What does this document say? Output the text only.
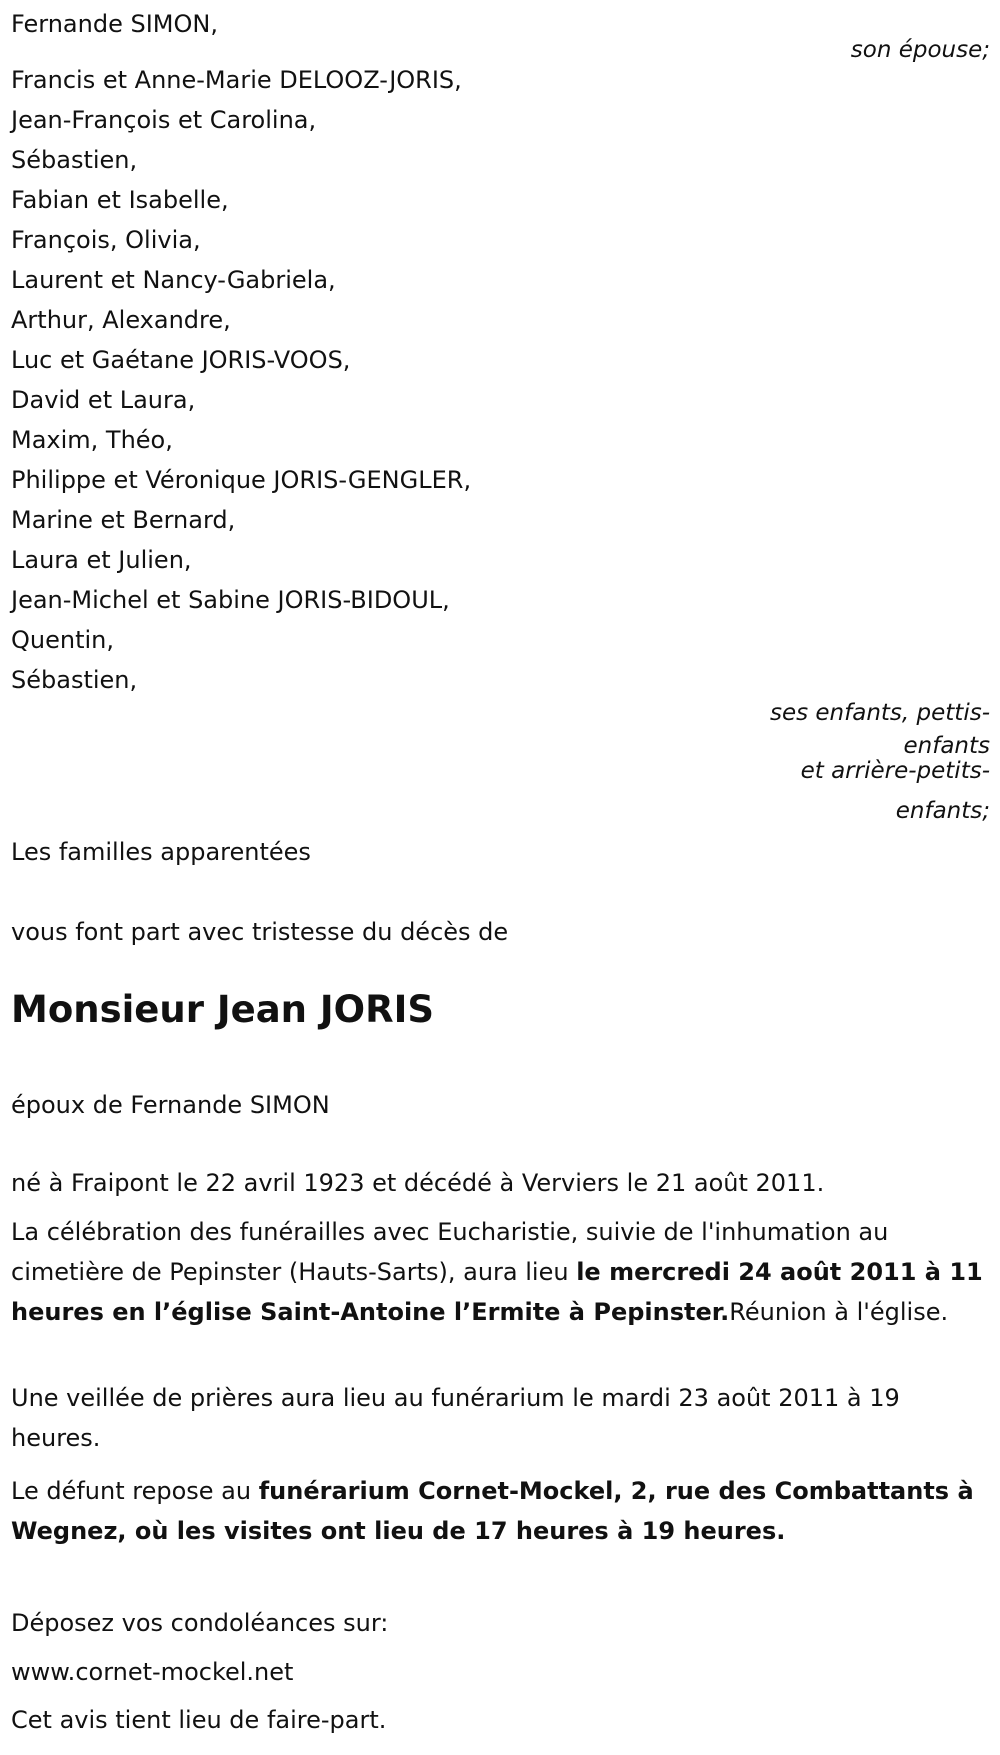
Fernande SIMON,
son épouse;
Francis et Anne-Marie DELOOZ-JORIS,
Jean-François et Carolina,
Sébastien,
Fabian et Isabelle,
François, Olivia,
Laurent et Nancy-Gabriela,
Arthur, Alexandre,
Luc et Gaétane JORIS-VOOS,
David et Laura,
Maxim, Théo,
Philippe et Véronique JORIS-GENGLER,
Marine et Bernard,
Laura et Julien,
Jean-Michel et Sabine JORIS-BIDOUL,
Quentin,
Sébastien,
ses enfants, pettis-
enfants
et arrière-petits-
enfants;
Les familles apparentées
vous font part avec tristesse du décès de
Monsieur Jean JORIS
époux de Fernande SIMON
né à Fraipont le 22 avril 1923 et décédé à Verviers le 21 août 2011.
La célébration des funérailles avec Eucharistie, suivie de l'inhumation au cimetière de Pepinster (Hauts-Sarts), aura lieu le mercredi 24 août 2011 à 11 heures en l’église Saint-Antoine l’Ermite à Pepinster.Réunion à l'église.
Une veillée de prières aura lieu au funérarium le mardi 23 août 2011 à 19 heures.
Le défunt repose au funérarium Cornet-Mockel, 2, rue des Combattants à Wegnez, où les visites ont lieu de 17 heures à 19 heures.
Déposez vos condoléances sur:
www.cornet-mockel.net
Cet avis tient lieu de faire-part.
